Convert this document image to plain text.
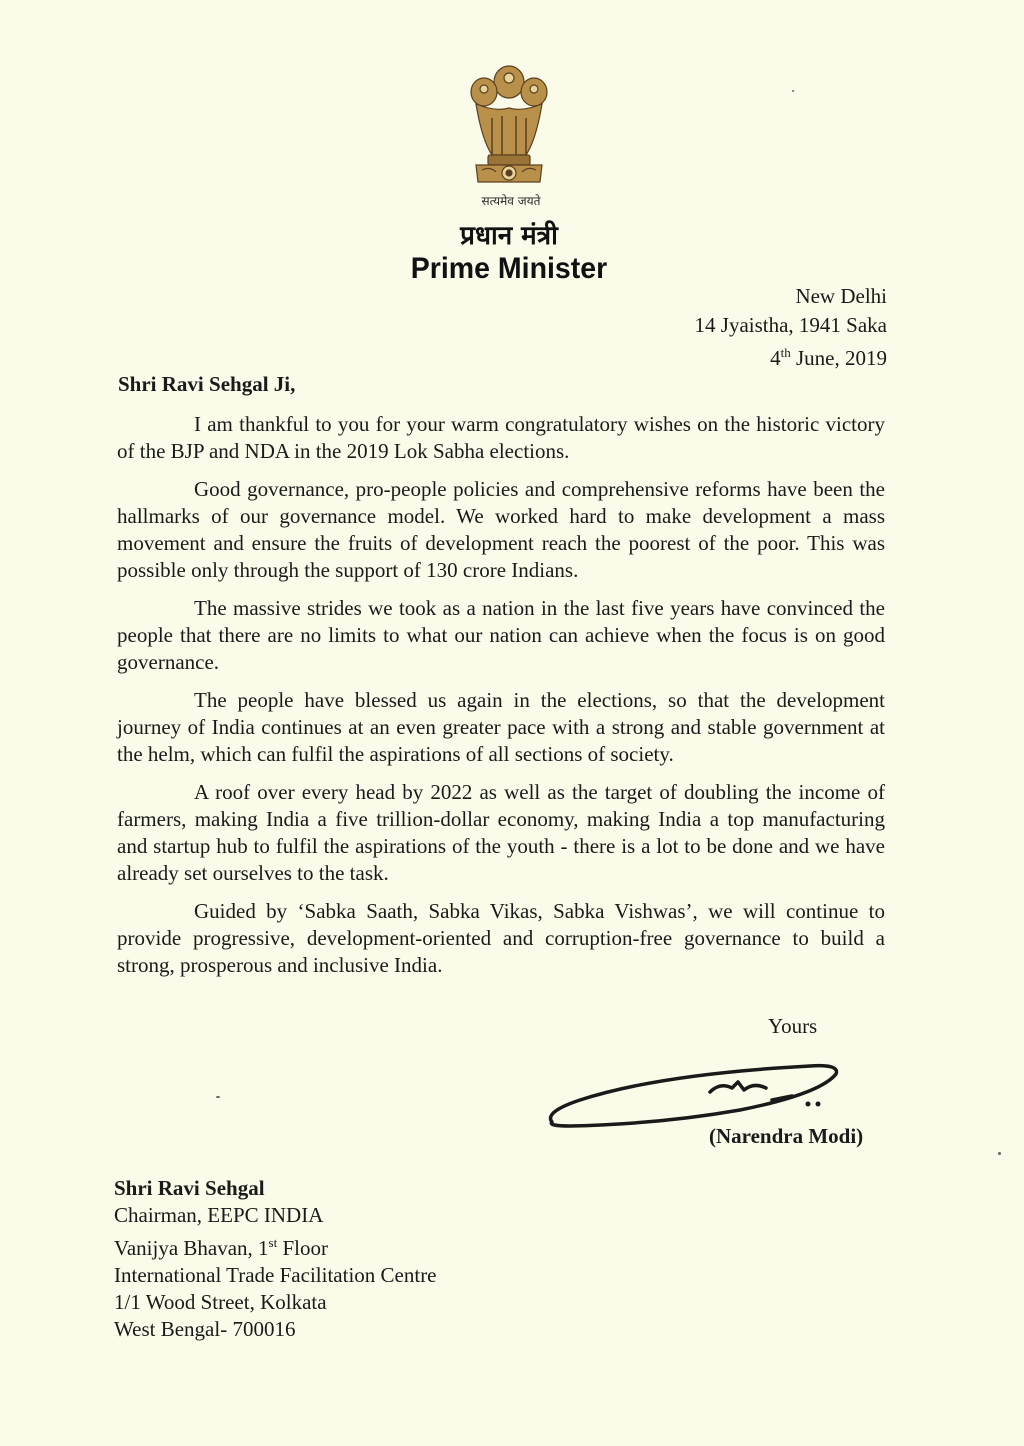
सत्यमेव जयते
प्रधान मंत्री
Prime Minister
New Delhi
14 Jyaistha, 1941 Saka
4th June, 2019
Shri Ravi Sehgal Ji,

I am thankful to you for your warm congratulatory wishes on the historic victory of the BJP and NDA in the 2019 Lok Sabha elections.

Good governance, pro-people policies and comprehensive reforms have been the hallmarks of our governance model. We worked hard to make development a mass movement and ensure the fruits of development reach the poorest of the poor. This was possible only through the support of 130 crore Indians.

The massive strides we took as a nation in the last five years have convinced the people that there are no limits to what our nation can achieve when the focus is on good governance.

The people have blessed us again in the elections, so that the development journey of India continues at an even greater pace with a strong and stable government at the helm, which can fulfil the aspirations of all sections of society.

A roof over every head by 2022 as well as the target of doubling the income of farmers, making India a five trillion-dollar economy, making India a top manufacturing and startup hub to fulfil the aspirations of the youth - there is a lot to be done and we have already set ourselves to the task.

Guided by ‘Sabka Saath, Sabka Vikas, Sabka Vishwas’, we will continue to provide progressive, development-oriented and corruption-free governance to build a strong, prosperous and inclusive India.

Yours
(Narendra Modi)
Shri Ravi Sehgal
Chairman, EEPC INDIA
Vanijya Bhavan, 1st Floor
International Trade Facilitation Centre
1/1 Wood Street, Kolkata
West Bengal- 700016
